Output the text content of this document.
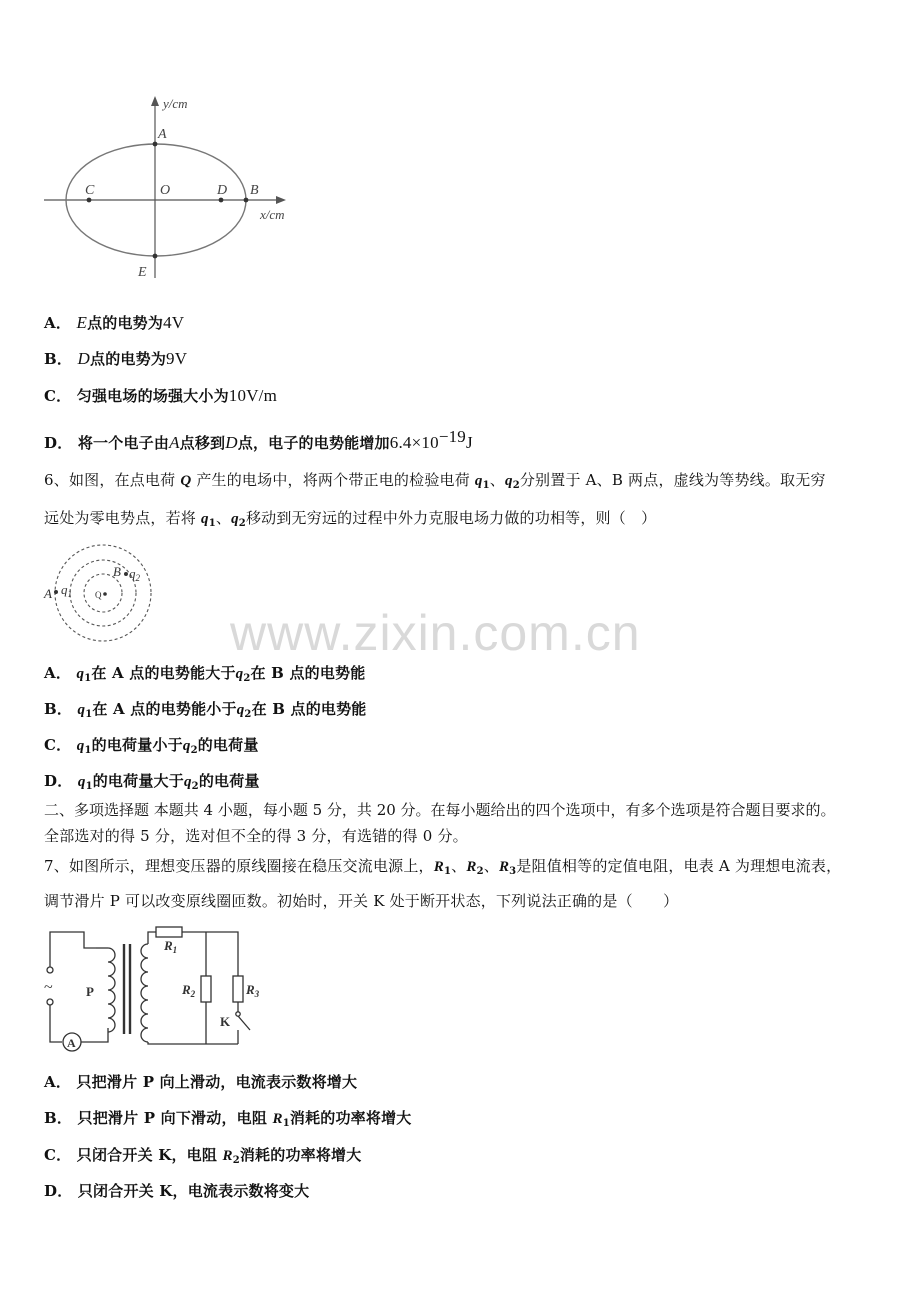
y/cm
x/cm
A
C	O	D B
E
A． E点的电势为4V
B． D点的电势为9V
C． 匀强电场的场强大小为10V/m
D． 将一个电子由A点移到D点，电子的电势能增加$6.4\times 10^{-19}J$
6、如图，在点电荷 Q 产生的电场中，将两个带正电的检验电荷 $q_1$、$q_2$分别置于 A、B 两点，虚线为等势线。取无穷
远处为零电势点，若将 $q_1$、$q_2$移动到无穷远的过程中外力克服电场力做的功相等，则（　）
A $q_1$	Q
B $q_2$
www.zixin.com.cn
A． $q_1$在 A 点的电势能大于$q_2$在 B 点的电势能
B． $q_1$在 A 点的电势能小于$q_2$在 B 点的电势能
C． $q_1$的电荷量小于$q_2$的电荷量
D． $q_1$的电荷量大于$q_2$的电荷量
二、多项选择题 本题共 4 小题，每小题 5 分，共 20 分。在每小题给出的四个选项中，有多个选项是符合题目要求的。
全部选对的得 5 分，选对但不全的得 3 分，有选错的得 0 分。
7、如图所示，理想变压器的原线圈接在稳压交流电源上，$R_1$、$R_2$、$R_3$是阻值相等的定值电阻，电表 A 为理想电流表，
调节滑片 P 可以改变原线圈匝数。初始时，开关 K 处于断开状态，下列说法正确的是（　　）
~
A
P
$R_1$
$R_2$	$R_3$
K
A． 只把滑片 P 向上滑动，电流表示数将增大
B． 只把滑片 P 向下滑动，电阻 $R_1$消耗的功率将增大
C． 只闭合开关 K，电阻 $R_2$消耗的功率将增大
D． 只闭合开关 K，电流表示数将变大
